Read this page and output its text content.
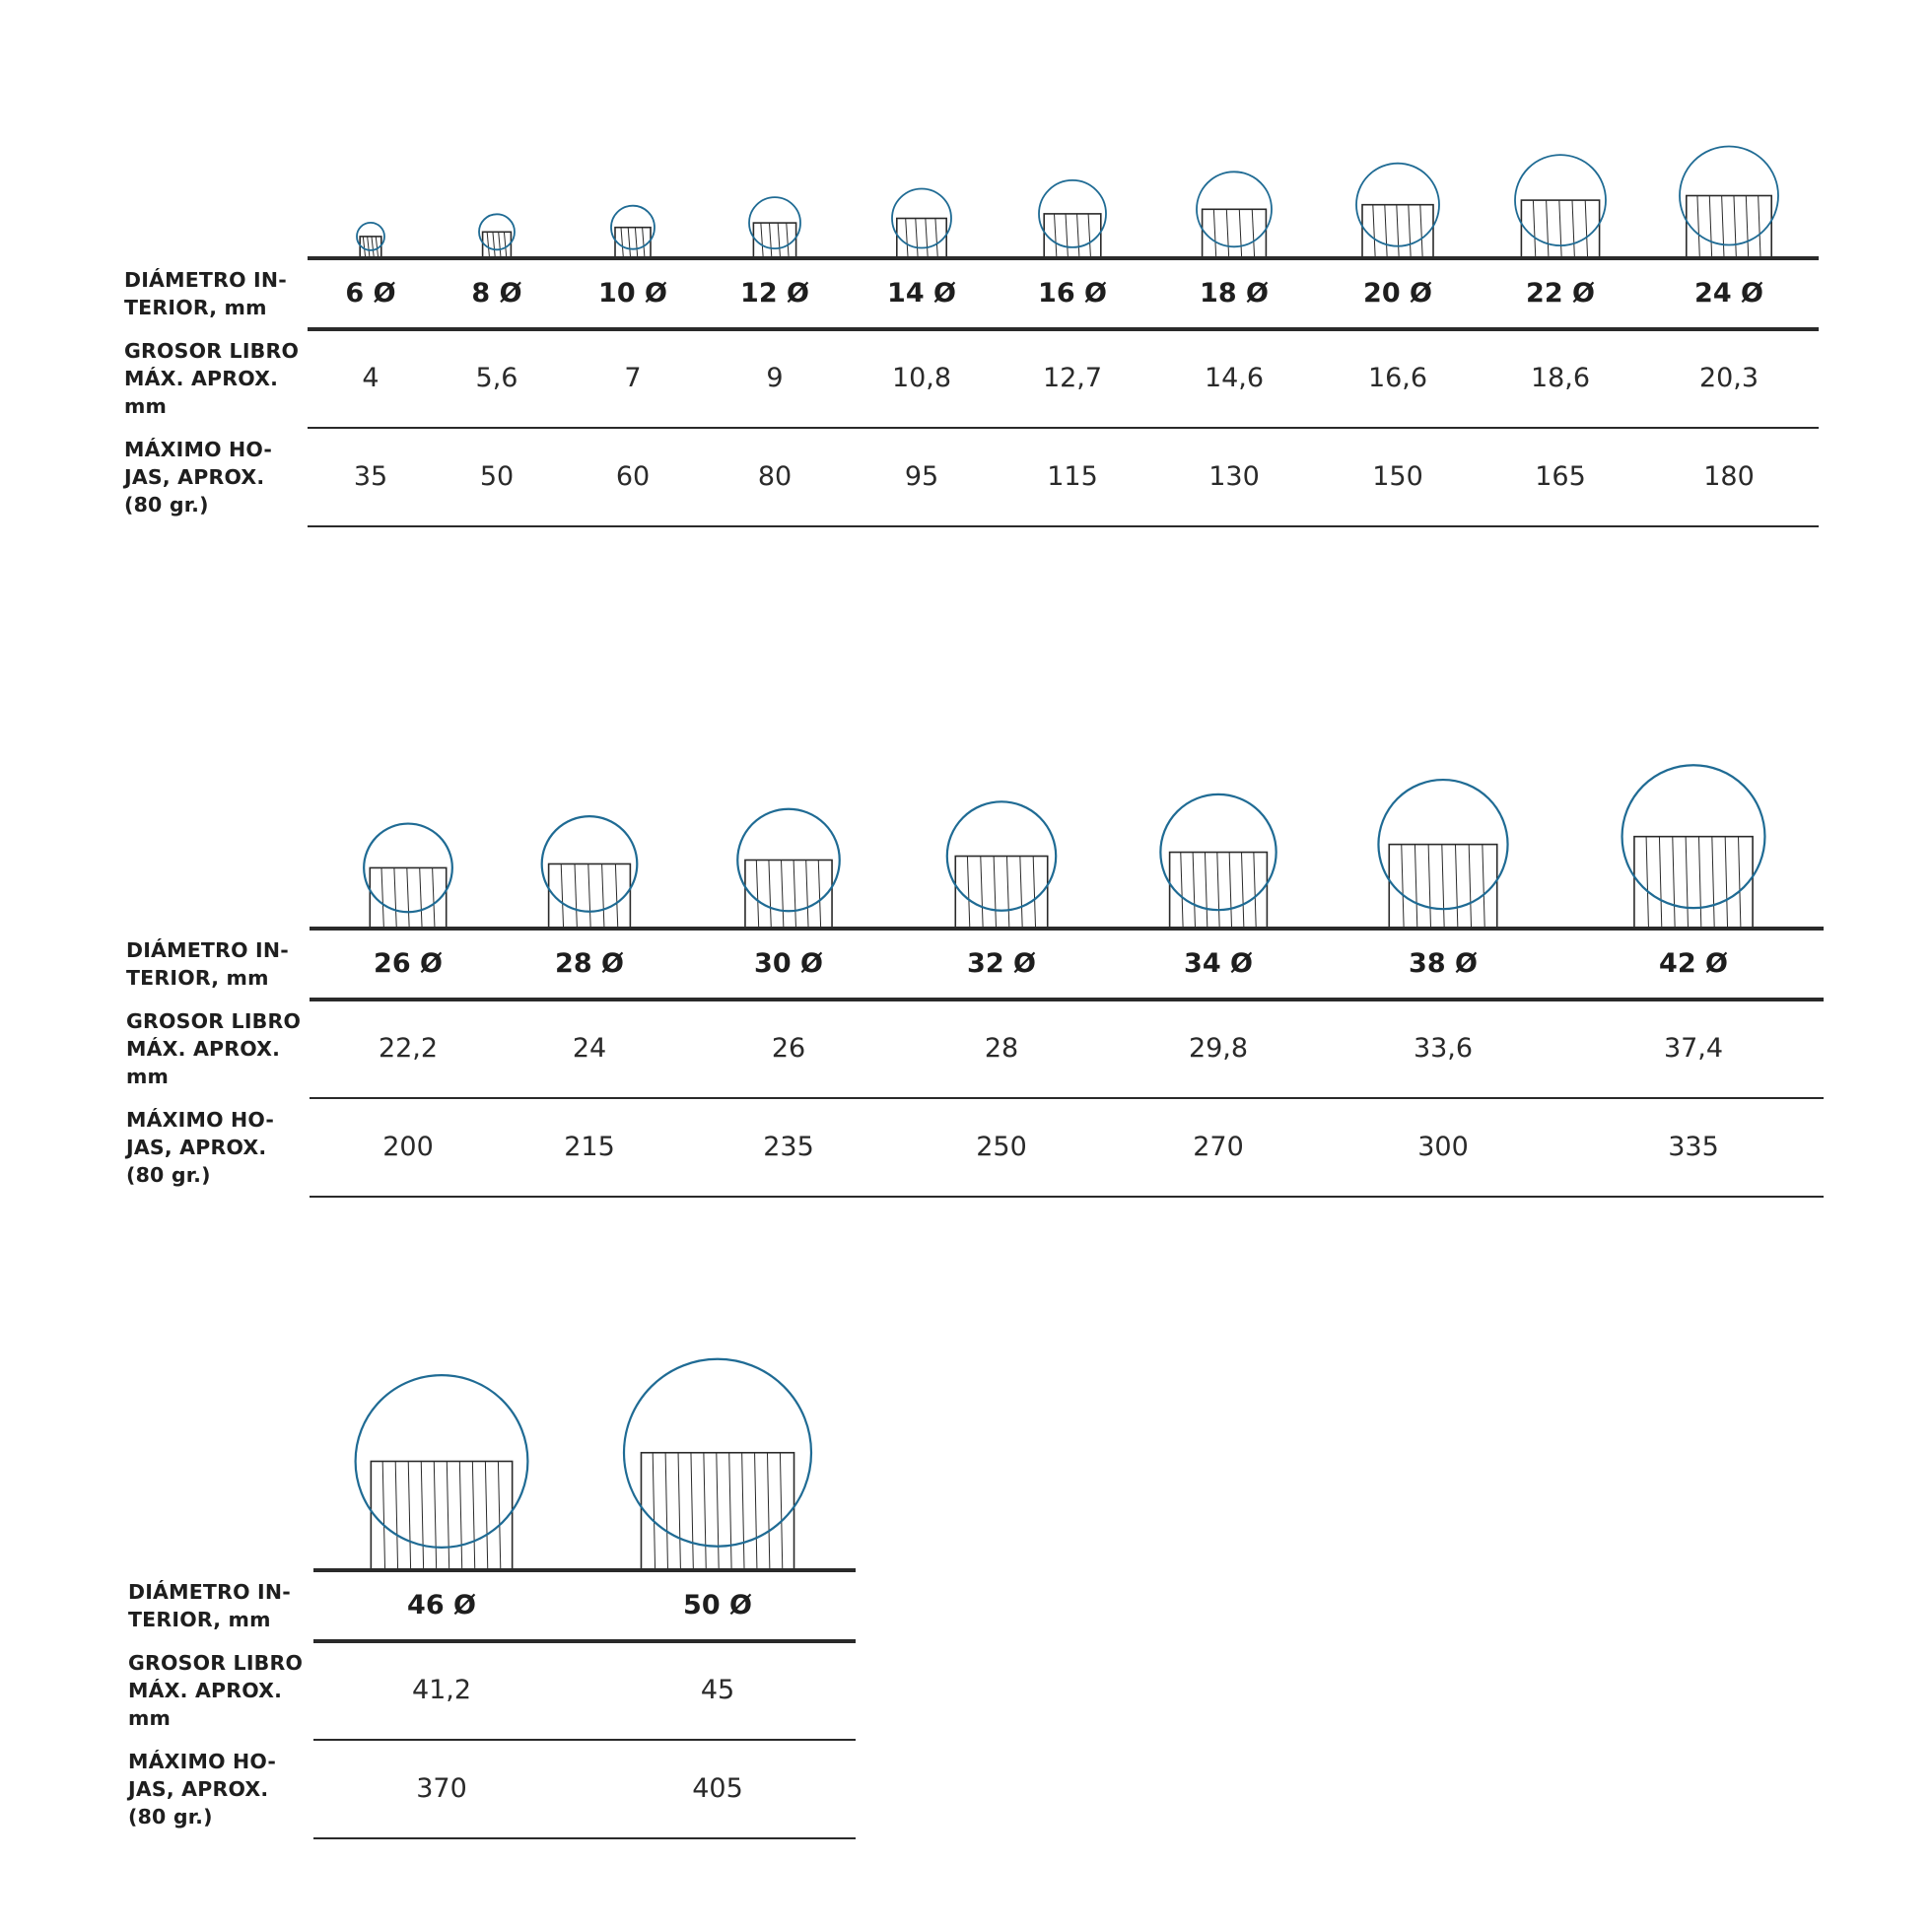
DIÁMETRO IN-
TERIOR, mm
GROSOR LIBRO
MÁX. APROX.
mm
MÁXIMO HO-
JAS, APROX.
(80 gr.)
6 Ø
4
35
8 Ø
5,6
50
10 Ø
7
60
12 Ø
9
80
14 Ø
10,8
95
16 Ø
12,7
115
18 Ø
14,6
130
20 Ø
16,6
150
22 Ø
18,6
165
24 Ø
20,3
180
DIÁMETRO IN-
TERIOR, mm
GROSOR LIBRO
MÁX. APROX.
mm
MÁXIMO HO-
JAS, APROX.
(80 gr.)
26 Ø
22,2
200
28 Ø
24
215
30 Ø
26
235
32 Ø
28
250
34 Ø
29,8
270
38 Ø
33,6
300
42 Ø
37,4
335
DIÁMETRO IN-
TERIOR, mm
GROSOR LIBRO
MÁX. APROX.
mm
MÁXIMO HO-
JAS, APROX.
(80 gr.)
46 Ø
41,2
370
50 Ø
45
405
